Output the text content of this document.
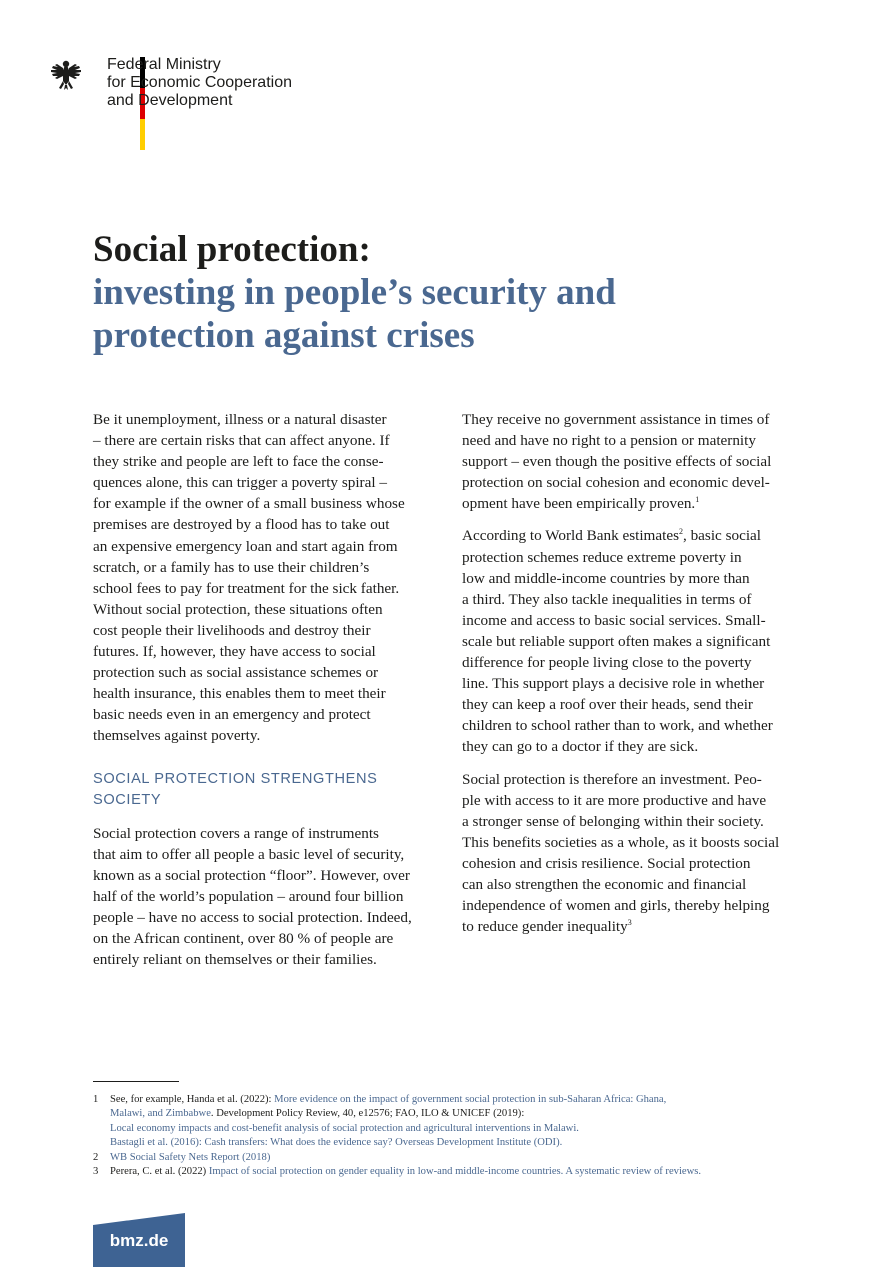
Federal Ministry
for Economic Cooperation
and Development
Social protection:
investing in people’s security and
protection against crises

Be it unemployment, illness or a natural disaster
– there are certain risks that can affect anyone. If
they strike and people are left to face the conse-
quences alone, this can trigger a poverty spiral –
for example if the owner of a small business whose
premises are destroyed by a flood has to take out
an expensive emergency loan and start again from
scratch, or a family has to use their children’s
school fees to pay for treatment for the sick father.
Without social protection, these situations often
cost people their livelihoods and destroy their
futures. If, however, they have access to social
protection such as social assistance schemes or
health insurance, this enables them to meet their
basic needs even in an emergency and protect
themselves against poverty.

SOCIAL PROTECTION STRENGTHENS
SOCIETY

Social protection covers a range of instruments
that aim to offer all people a basic level of security,
known as a social protection “floor”. However, over
half of the world’s population – around four billion
people – have no access to social protection. Indeed,
on the African continent, over 80 % of people are
entirely reliant on themselves or their families.

They receive no government assistance in times of
need and have no right to a pension or maternity
support – even though the positive effects of social
protection on social cohesion and economic devel-
opment have been empirically proven.$^1$

According to World Bank estimates$^2$, basic social
protection schemes reduce extreme poverty in
low and middle-income countries by more than
a third. They also tackle inequalities in terms of
income and access to basic social services. Small-
scale but reliable support often makes a significant
difference for people living close to the poverty
line. This support plays a decisive role in whether
they can keep a roof over their heads, send their
children to school rather than to work, and whether
they can go to a doctor if they are sick.

Social protection is therefore an investment. Peo-
ple with access to it are more productive and have
a stronger sense of belonging within their society.
This benefits societies as a whole, as it boosts social
cohesion and crisis resilience. Social protection
can also strengthen the economic and financial
independence of women and girls, thereby helping
to reduce gender inequality$^3$

1 See, for example, Handa et al. (2022): More evidence on the impact of government social protection in sub-Saharan Africa: Ghana,
Malawi, and Zimbabwe. Development Policy Review, 40, e12576; FAO, ILO & UNICEF (2019):
Local economy impacts and cost-benefit analysis of social protection and agricultural interventions in Malawi.
Bastagli et al. (2016): Cash transfers: What does the evidence say? Overseas Development Institute (ODI).
2 WB Social Safety Nets Report (2018)
3 Perera, C. et al. (2022) Impact of social protection on gender equality in low-and middle-income countries. A systematic review of reviews.
bmz.de
